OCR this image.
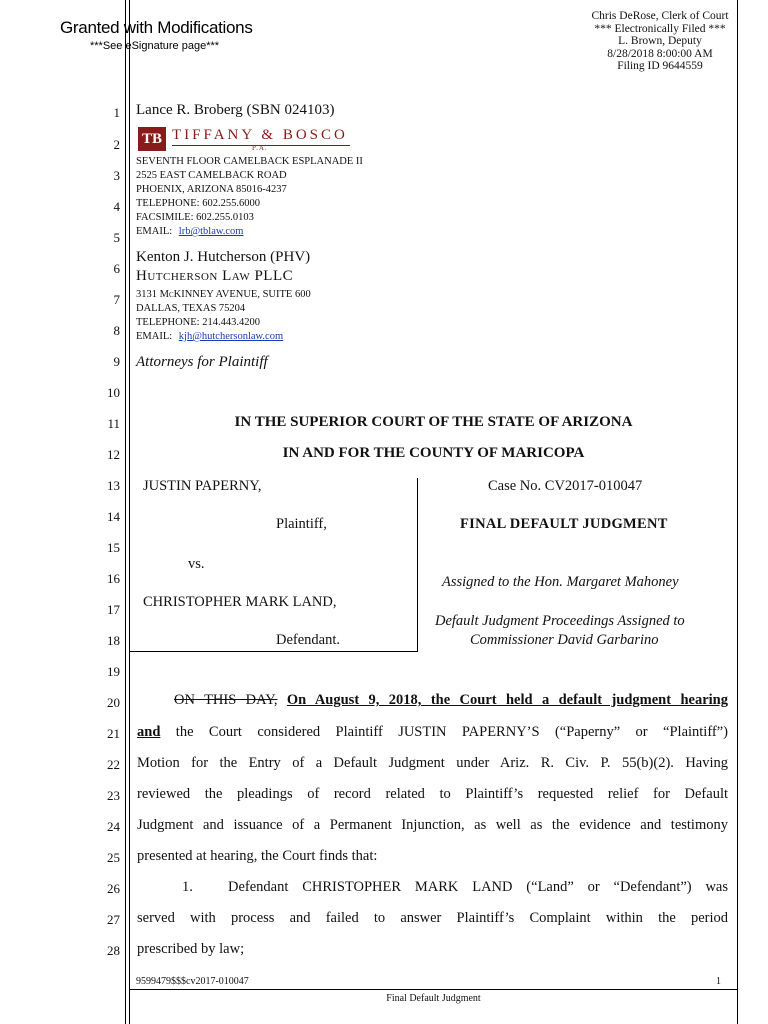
Granted with Modifications
***See eSignature page***
Chris DeRose, Clerk of Court
*** Electronically Filed ***
L. Brown, Deputy
8/28/2018 8:00:00 AM
Filing ID 9644559
1
2
3
4
5
6
7
8
9
10
11
12
13
14
15
16
17
18
19
20
21
22
23
24
25
26
27
28
Lance R. Broberg (SBN 024103)
TB TIFFANY & BOSCO
P.A.
SEVENTH FLOOR CAMELBACK ESPLANADE II
2525 EAST CAMELBACK ROAD
PHOENIX, ARIZONA 85016-4237
TELEPHONE: 602.255.6000
FACSIMILE: 602.255.0103
EMAIL: lrb@tblaw.com
Kenton J. Hutcherson (PHV)
Hutcherson Law PLLC
3131 McKINNEY AVENUE, SUITE 600
DALLAS, TEXAS 75204
TELEPHONE: 214.443.4200
EMAIL: kjh@hutchersonlaw.com
Attorneys for Plaintiff
IN THE SUPERIOR COURT OF THE STATE OF ARIZONA
IN AND FOR THE COUNTY OF MARICOPA
JUSTIN PAPERNY,
Plaintiff,
vs.
CHRISTOPHER MARK LAND,
Defendant.
Case No. CV2017-010047
FINAL DEFAULT JUDGMENT
Assigned to the Hon. Margaret Mahoney
Default Judgment Proceedings Assigned to
Commissioner David Garbarino
ON THIS DAY, On August 9, 2018, the Court held a default judgment hearing
and the Court considered Plaintiff JUSTIN PAPERNY’S (“Paperny” or “Plaintiff”)
Motion for the Entry of a Default Judgment under Ariz. R. Civ. P. 55(b)(2). Having
reviewed the pleadings of record related to Plaintiff’s requested relief for Default
Judgment and issuance of a Permanent Injunction, as well as the evidence and testimony
presented at hearing, the Court finds that:
1. Defendant CHRISTOPHER MARK LAND (“Land” or “Defendant”) was
served with process and failed to answer Plaintiff’s Complaint within the period
prescribed by law;
9599479$$$cv2017-010047	1
Final Default Judgment
